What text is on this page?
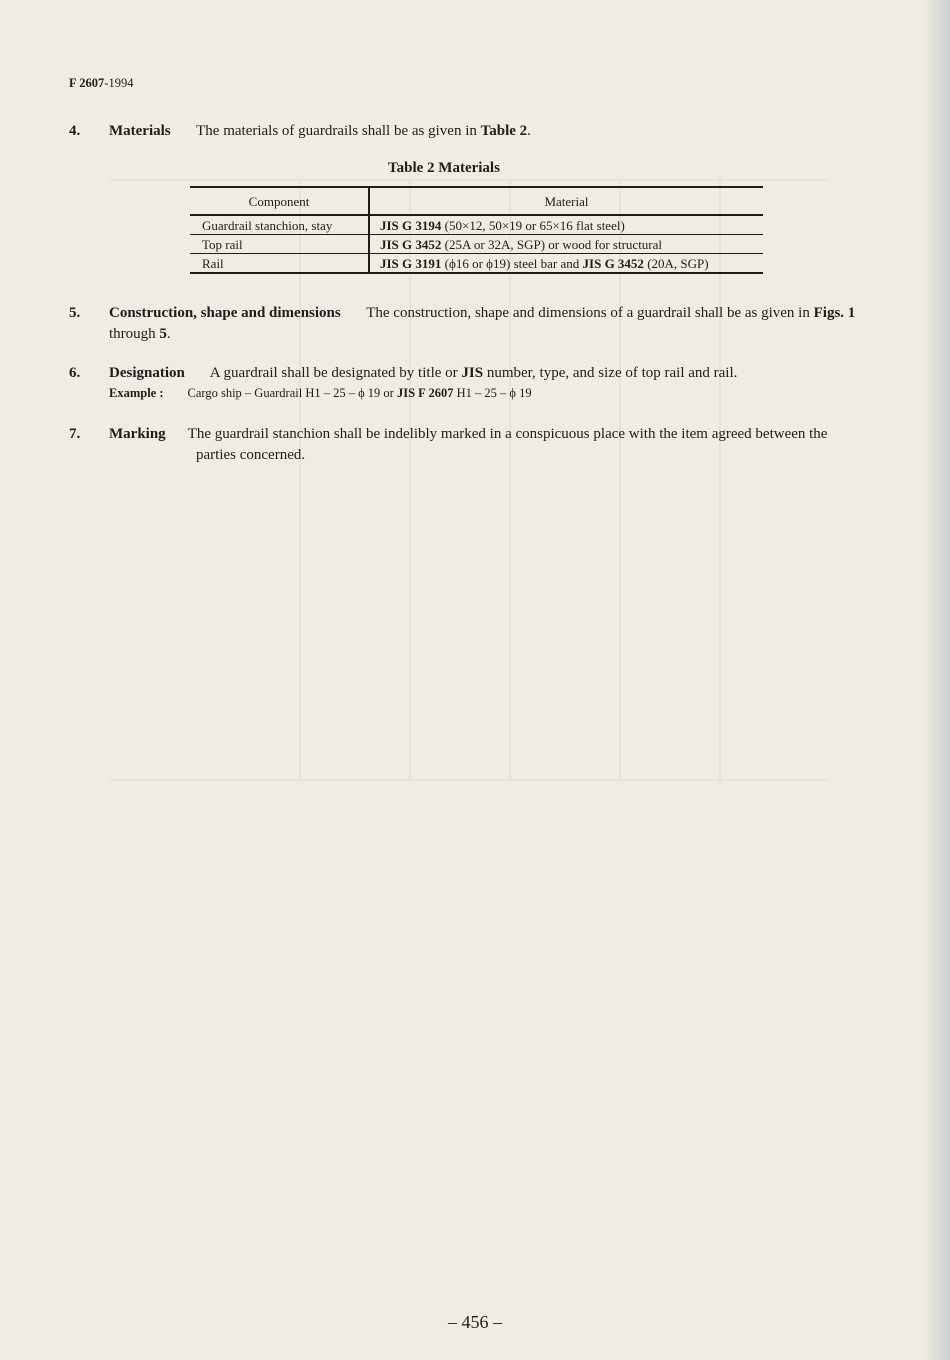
F 2607-1994
4. Materials The materials of guardrails shall be as given in Table 2.
Table 2 Materials
Component	Material
Guardrail stanchion, stay	JIS G 3194 (50×12, 50×19 or 65×16 flat steel)
Top rail	JIS G 3452 (25A or 32A, SGP) or wood for structural
Rail	JIS G 3191 (ϕ16 or ϕ19) steel bar and JIS G 3452 (20A, SGP)
5. Construction, shape and dimensions The construction, shape and dimensions of a guardrail shall be as given in Figs. 1 through 5.
6. Designation A guardrail shall be designated by title or JIS number, type, and size of top rail and rail.
Example : Cargo ship – Guardrail H1 – 25 – ϕ 19 or JIS F 2607 H1 – 25 – ϕ 19
7. Marking The guardrail stanchion shall be indelibly marked in a conspicuous place with the item agreed between the parties concerned.
– 456 –
